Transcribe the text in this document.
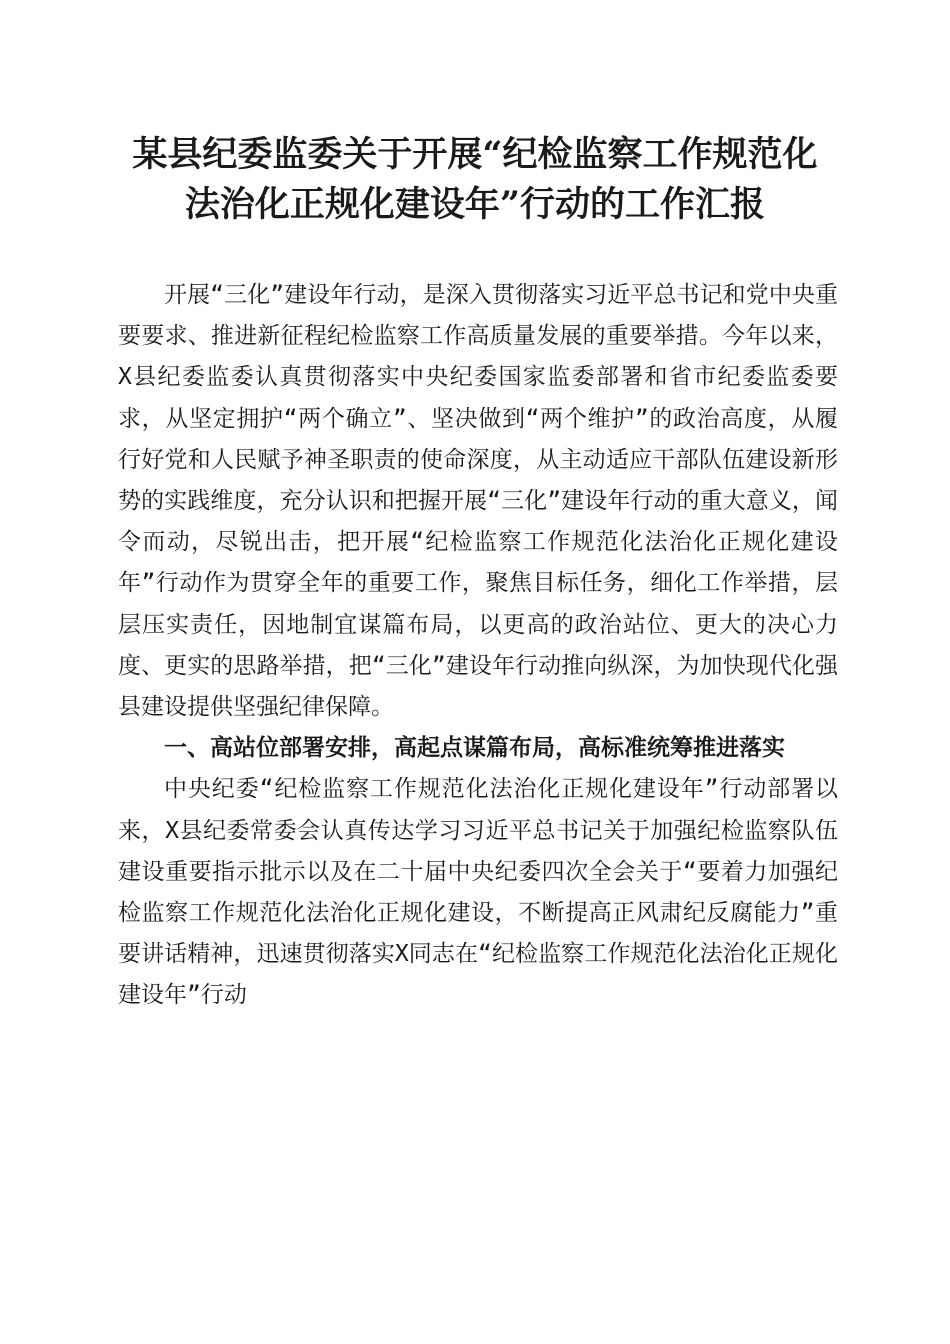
某县纪委监委关于开展“纪检监察工作规范化
法治化正规化建设年”行动的工作汇报

开展“三化”建设年行动，是深入贯彻落实习近平总书记和党中央重要要求、推进新征程纪检监察工作高质量发展的重要举措。今年以来，X县纪委监委认真贯彻落实中央纪委国家监委部署和省市纪委监委要求，从坚定拥护“两个确立”、坚决做到“两个维护”的政治高度，从履行好党和人民赋予神圣职责的使命深度，从主动适应干部队伍建设新形势的实践维度，充分认识和把握开展“三化”建设年行动的重大意义，闻令而动，尽锐出击，把开展“纪检监察工作规范化法治化正规化建设年”行动作为贯穿全年的重要工作，聚焦目标任务，细化工作举措，层层压实责任，因地制宜谋篇布局，以更高的政治站位、更大的决心力度、更实的思路举措，把“三化”建设年行动推向纵深，为加快现代化强县建设提供坚强纪律保障。

一、高站位部署安排，高起点谋篇布局，高标准统筹推进落实

中央纪委“纪检监察工作规范化法治化正规化建设年”行动部署以来，X县纪委常委会认真传达学习习近平总书记关于加强纪检监察队伍建设重要指示批示以及在二十届中央纪委四次全会关于“要着力加强纪检监察工作规范化法治化正规化建设，不断提高正风肃纪反腐能力”重要讲话精神，迅速贯彻落实X同志在“纪检监察工作规范化法治化正规化建设年”行动
